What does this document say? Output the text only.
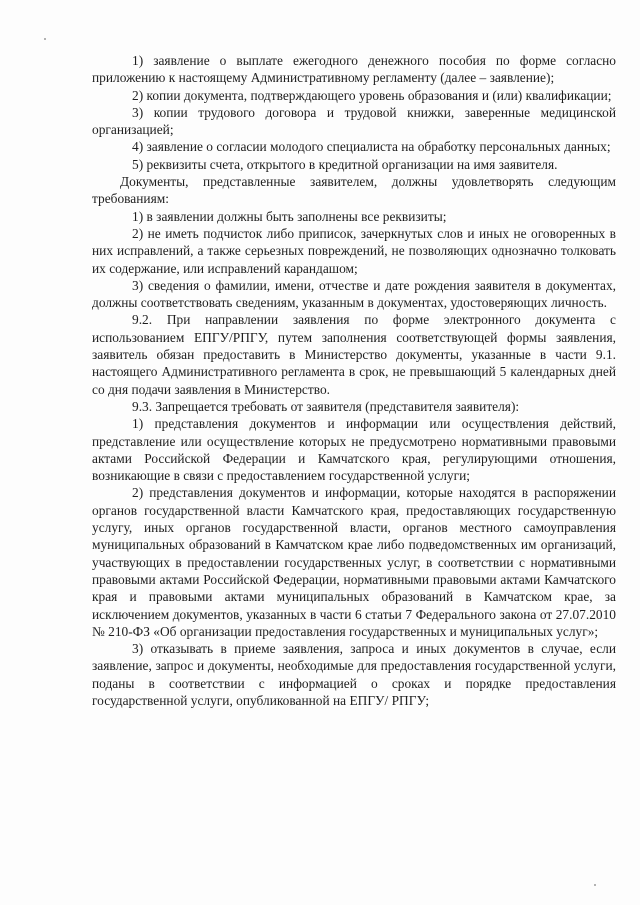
1) заявление о выплате ежегодного денежного пособия по форме согласно приложению к настоящему Административному регламенту (далее – заявление);

2) копии документа, подтверждающего уровень образования и (или) квалификации;

3) копии трудового договора и трудовой книжки, заверенные медицинской организацией;

4) заявление о согласии молодого специалиста на обработку персональных данных;

5) реквизиты счета, открытого в кредитной организации на имя заявителя.

Документы, представленные заявителем, должны удовлетворять следующим требованиям:

1) в заявлении должны быть заполнены все реквизиты;

2) не иметь подчисток либо приписок, зачеркнутых слов и иных не оговоренных в них исправлений, а также серьезных повреждений, не позволяющих однозначно толковать их содержание, или исправлений карандашом;

3) сведения о фамилии, имени, отчестве и дате рождения заявителя в документах, должны соответствовать сведениям, указанным в документах, удостоверяющих личность.

9.2. При направлении заявления по форме электронного документа с использованием ЕПГУ/РПГУ, путем заполнения соответствующей формы заявления, заявитель обязан предоставить в Министерство документы, указанные в части 9.1. настоящего Административного регламента в срок, не превышающий 5 календарных дней со дня подачи заявления в Министерство.

9.3. Запрещается требовать от заявителя (представителя заявителя):

1) представления документов и информации или осуществления действий, представление или осуществление которых не предусмотрено нормативными правовыми актами Российской Федерации и Камчатского края, регулирующими отношения, возникающие в связи с предоставлением государственной услуги;

2) представления документов и информации, которые находятся в распоряжении органов государственной власти Камчатского края, предоставляющих государственную услугу, иных органов государственной власти, органов местного самоуправления муниципальных образований в Камчатском крае либо подведомственных им организаций, участвующих в предоставлении государственных услуг, в соответствии с нормативными правовыми актами Российской Федерации, нормативными правовыми актами Камчатского края и правовыми актами муниципальных образований в Камчатском крае, за исключением документов, указанных в части 6 статьи 7 Федерального закона от 27.07.2010 № 210-ФЗ «Об организации предоставления государственных и муниципальных услуг»;

3) отказывать в приеме заявления, запроса и иных документов в случае, если заявление, запрос и документы, необходимые для предоставления государственной услуги, поданы в соответствии с информацией о сроках и порядке предоставления государственной услуги, опубликованной на ЕПГУ/ РПГУ;
